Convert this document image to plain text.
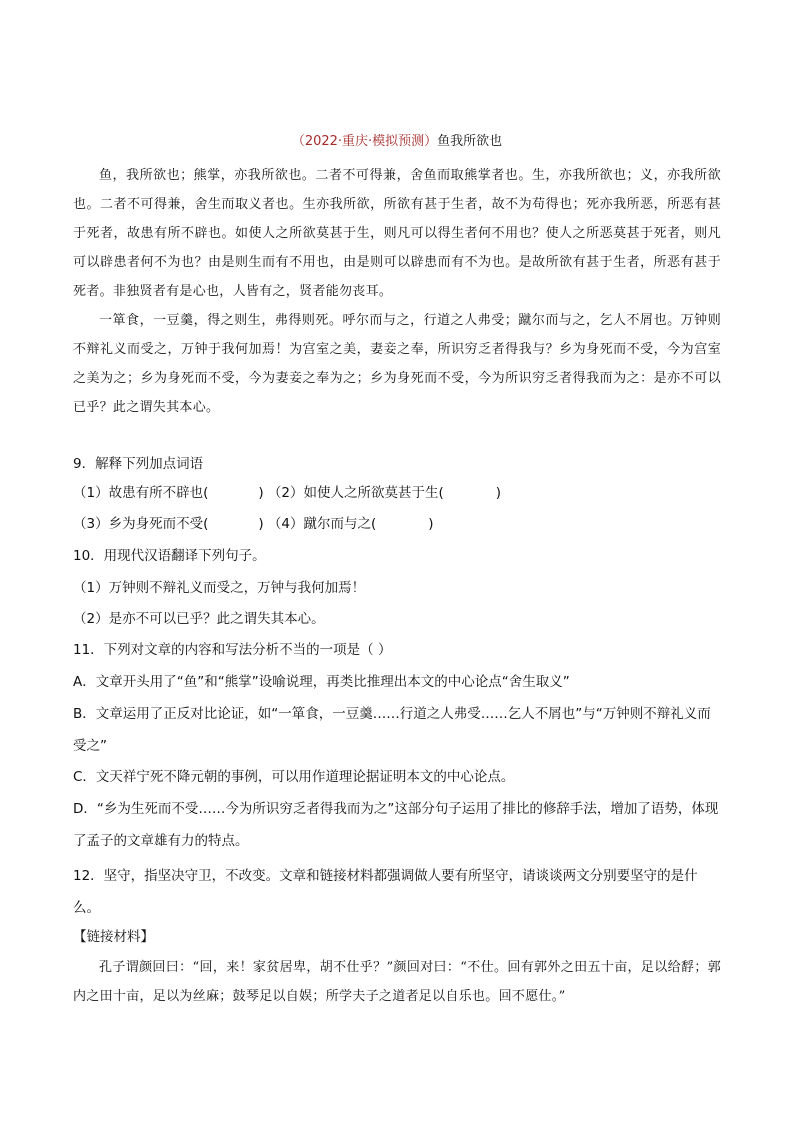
（2022·重庆·模拟预测）鱼我所欲也

鱼，我所欲也；熊掌，亦我所欲也。二者不可得兼，舍鱼而取熊掌者也。生，亦我所欲也；义，亦我所欲也。二者不可得兼，舍生而取义者也。生亦我所欲，所欲有甚于生者，故不为苟得也；死亦我所恶，所恶有甚于死者，故患有所不辟也。如使人之所欲莫甚于生，则凡可以得生者何不用也？使人之所恶莫甚于死者，则凡可以辟患者何不为也？由是则生而有不用也，由是则可以辟患而有不为也。是故所欲有甚于生者，所恶有甚于死者。非独贤者有是心也，人皆有之，贤者能勿丧耳。

一箪食，一豆羹，得之则生，弗得则死。呼尔而与之，行道之人弗受；蹴尔而与之，乞人不屑也。万钟则不辩礼义而受之，万钟于我何加焉！为宫室之美，妻妾之奉，所识穷乏者得我与？乡为身死而不受，今为宫室之美为之；乡为身死而不受，今为妻妾之奉为之；乡为身死而不受，今为所识穷乏者得我而为之：是亦不可以已乎？此之谓失其本心。

9．解释下列加点词语

（1）故患有所不辟也(	) （2）如使人之所欲莫甚于生(	)

（3）乡为身死而不受(	) （4）蹴尔而与之(	)

10．用现代汉语翻译下列句子。

（1）万钟则不辩礼义而受之，万钟与我何加焉！

（2）是亦不可以已乎？此之谓失其本心。

11．下列对文章的内容和写法分析不当的一项是（ ）

A．文章开头用了“鱼”和“熊掌”设喻说理，再类比推理出本文的中心论点“舍生取义”

B．文章运用了正反对比论证，如“一箪食，一豆羹……行道之人弗受……乞人不屑也”与“万钟则不辩礼义而受之”

C．文天祥宁死不降元朝的事例，可以用作道理论据证明本文的中心论点。

D．“乡为生死而不受……今为所识穷乏者得我而为之”这部分句子运用了排比的修辞手法，增加了语势，体现了孟子的文章雄有力的特点。

12．坚守，指坚决守卫，不改变。文章和链接材料都强调做人要有所坚守，请谈谈两文分别要坚守的是什么。

【链接材料】

孔子谓颜回曰：“回，来！家贫居卑，胡不仕乎？”颜回对曰：“不仕。回有郭外之田五十亩，足以给馟；郭内之田十亩，足以为丝麻；鼓琴足以自娱；所学夫子之道者足以自乐也。回不愿仕。”
